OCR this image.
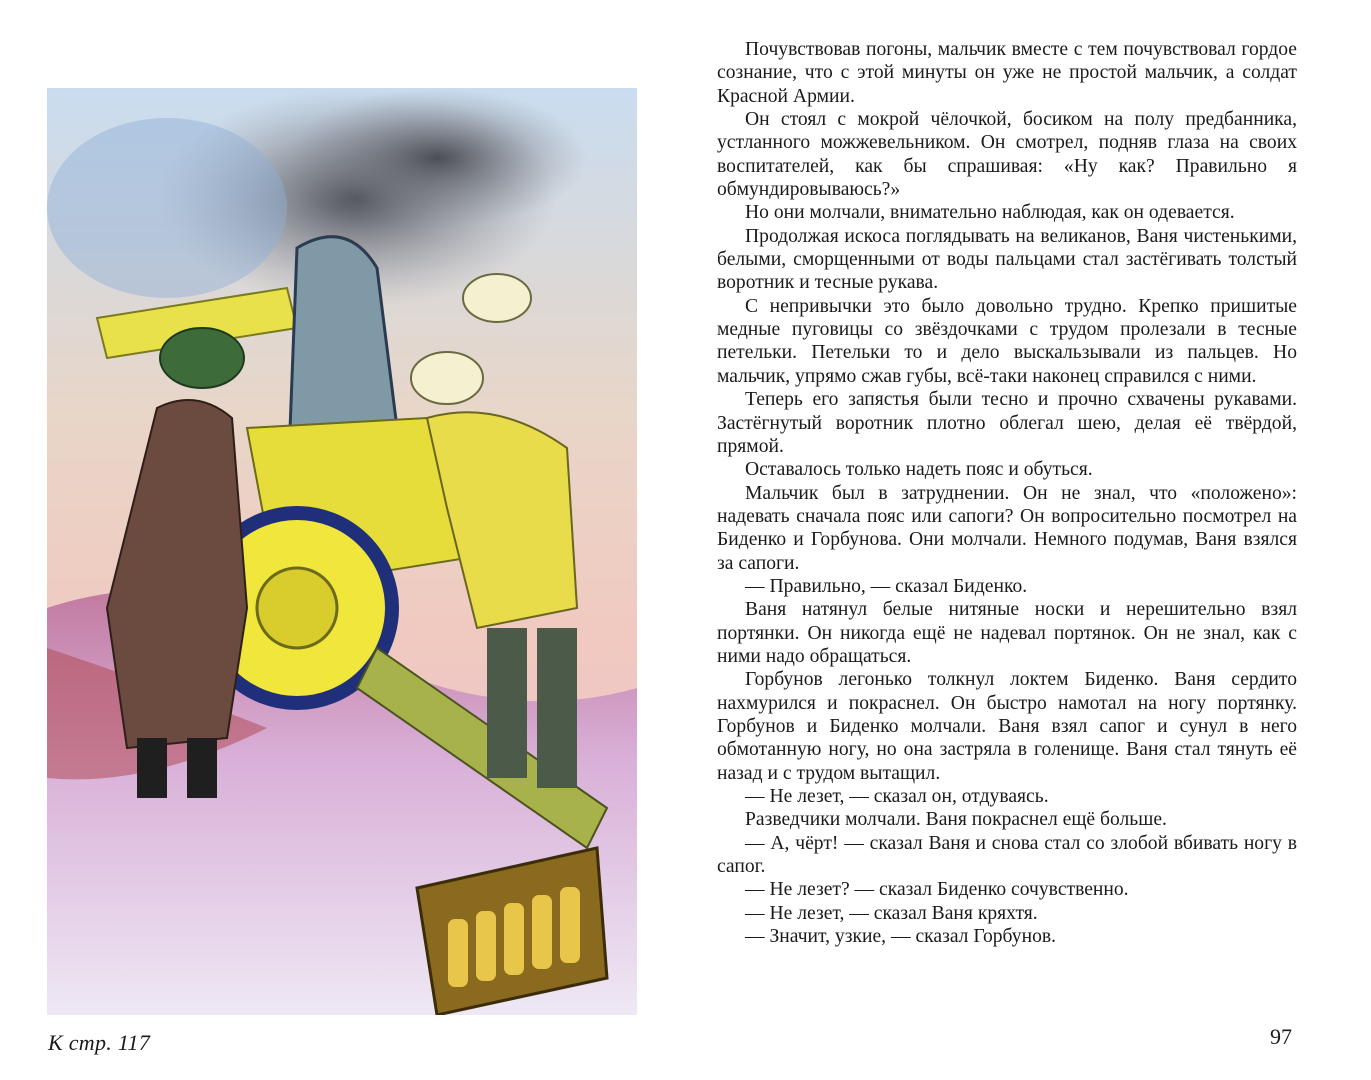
К стр. 117

Почувствовав погоны, мальчик вместе с тем почувствовал гордое сознание, что с этой минуты он уже не простой мальчик, а солдат Красной Армии.

Он стоял с мокрой чёлочкой, босиком на полу предбанника, устланного можжевельником. Он смотрел, подняв глаза на своих воспитателей, как бы спрашивая: «Ну как? Правильно я обмундировываюсь?»

Но они молчали, внимательно наблюдая, как он одевается.

Продолжая искоса поглядывать на великанов, Ваня чистенькими, белыми, сморщенными от воды пальцами стал застёгивать толстый воротник и тесные рукава.

С непривычки это было довольно трудно. Крепко пришитые медные пуговицы со звёздочками с трудом пролезали в тесные петельки. Петельки то и дело выскальзывали из пальцев. Но мальчик, упрямо сжав губы, всё-таки наконец справился с ними.

Теперь его запястья были тесно и прочно схвачены рукавами. Застёгнутый воротник плотно облегал шею, делая её твёрдой, прямой.

Оставалось только надеть пояс и обуться.

Мальчик был в затруднении. Он не знал, что «положено»: надевать сначала пояс или сапоги? Он вопросительно посмотрел на Биденко и Горбунова. Они молчали. Немного подумав, Ваня взялся за сапоги.

— Правильно, — сказал Биденко.

Ваня натянул белые нитяные носки и нерешительно взял портянки. Он никогда ещё не надевал портянок. Он не знал, как с ними надо обращаться.

Горбунов легонько толкнул локтем Биденко. Ваня сердито нахмурился и покраснел. Он быстро намотал на ногу портянку. Горбунов и Биденко молчали. Ваня взял сапог и сунул в него обмотанную ногу, но она застряла в голенище. Ваня стал тянуть её назад и с трудом вытащил.

— Не лезет, — сказал он, отдуваясь.

Разведчики молчали. Ваня покраснел ещё больше.

— А, чёрт! — сказал Ваня и снова стал со злобой вбивать ногу в сапог.

— Не лезет? — сказал Биденко сочувственно.

— Не лезет, — сказал Ваня кряхтя.

— Значит, узкие, — сказал Горбунов.

97
